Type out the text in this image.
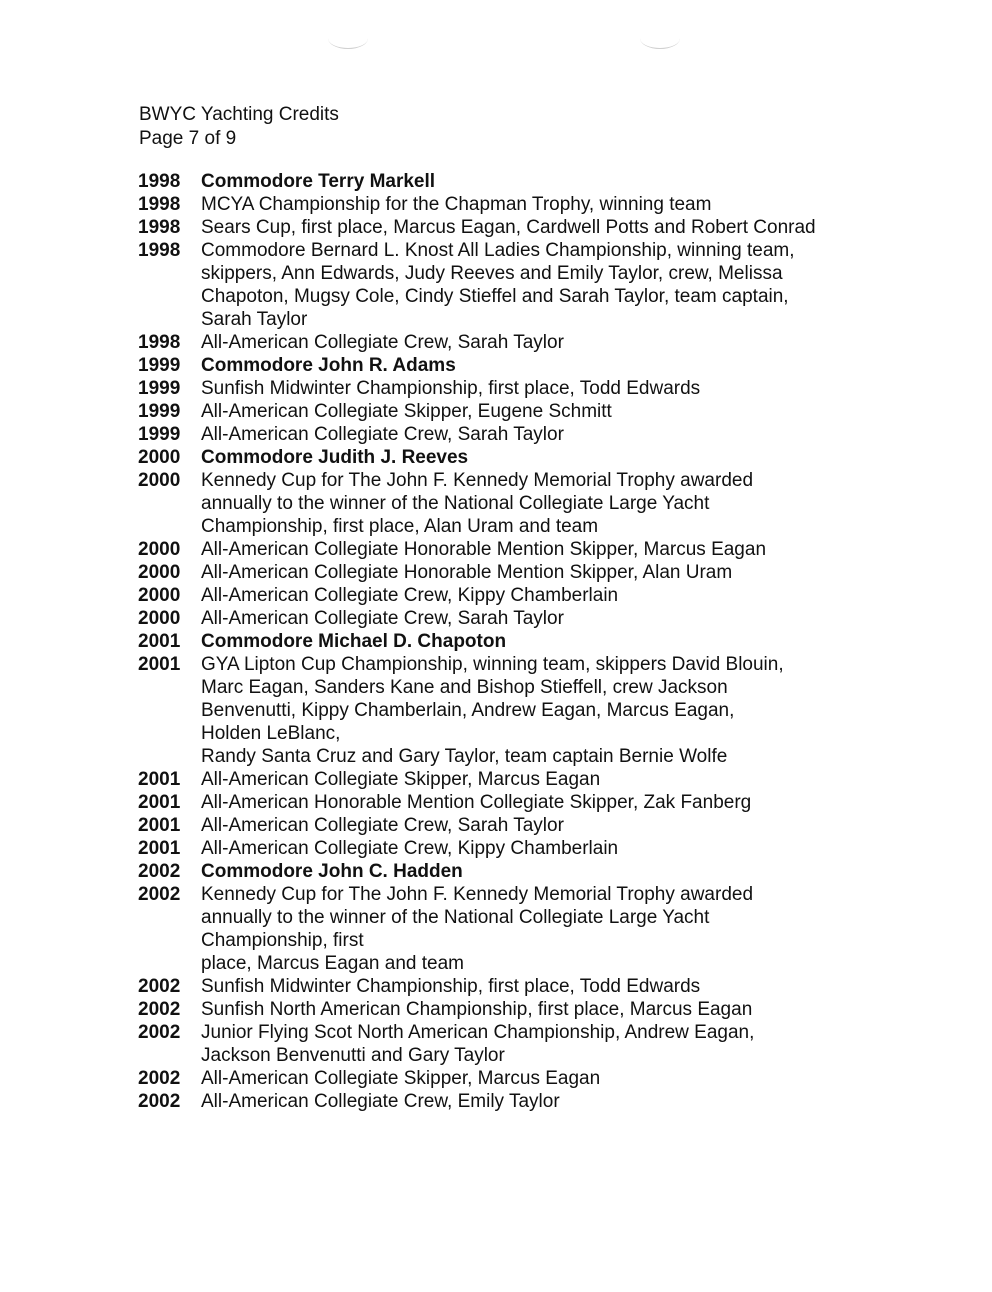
BWYC Yachting Credits
Page 7 of 9
1998	Commodore Terry Markell
1998	MCYA Championship for the Chapman Trophy, winning team
1998	Sears Cup, first place, Marcus Eagan, Cardwell Potts and Robert Conrad
1998	Commodore Bernard L. Knost All Ladies Championship, winning team,
skippers, Ann Edwards, Judy Reeves and Emily Taylor, crew, Melissa
Chapoton, Mugsy Cole, Cindy Stieffel and Sarah Taylor, team captain,
Sarah Taylor
1998	All-American Collegiate Crew, Sarah Taylor
1999	Commodore John R. Adams
1999	Sunfish Midwinter Championship, first place, Todd Edwards
1999	All-American Collegiate Skipper, Eugene Schmitt
1999	All-American Collegiate Crew, Sarah Taylor
2000	Commodore Judith J. Reeves
2000	Kennedy Cup for The John F. Kennedy Memorial Trophy awarded
annually to the winner of the National Collegiate Large Yacht
Championship, first place, Alan Uram and team
2000	All-American Collegiate Honorable Mention Skipper, Marcus Eagan
2000	All-American Collegiate Honorable Mention Skipper, Alan Uram
2000	All-American Collegiate Crew, Kippy Chamberlain
2000	All-American Collegiate Crew, Sarah Taylor
2001	Commodore Michael D. Chapoton
2001	GYA Lipton Cup Championship, winning team, skippers David Blouin,
Marc Eagan, Sanders Kane and Bishop Stieffell, crew Jackson
Benvenutti, Kippy Chamberlain, Andrew Eagan, Marcus Eagan,
Holden LeBlanc,
Randy Santa Cruz and Gary Taylor, team captain Bernie Wolfe
2001	All-American Collegiate Skipper, Marcus Eagan
2001	All-American Honorable Mention Collegiate Skipper, Zak Fanberg
2001	All-American Collegiate Crew, Sarah Taylor
2001	All-American Collegiate Crew, Kippy Chamberlain
2002	Commodore John C. Hadden
2002	Kennedy Cup for The John F. Kennedy Memorial Trophy awarded
annually to the winner of the National Collegiate Large Yacht
Championship, first
place, Marcus Eagan and team
2002	Sunfish Midwinter Championship, first place, Todd Edwards
2002	Sunfish North American Championship, first place, Marcus Eagan
2002	Junior Flying Scot North American Championship, Andrew Eagan,
Jackson Benvenutti and Gary Taylor
2002	All-American Collegiate Skipper, Marcus Eagan
2002	All-American Collegiate Crew, Emily Taylor
